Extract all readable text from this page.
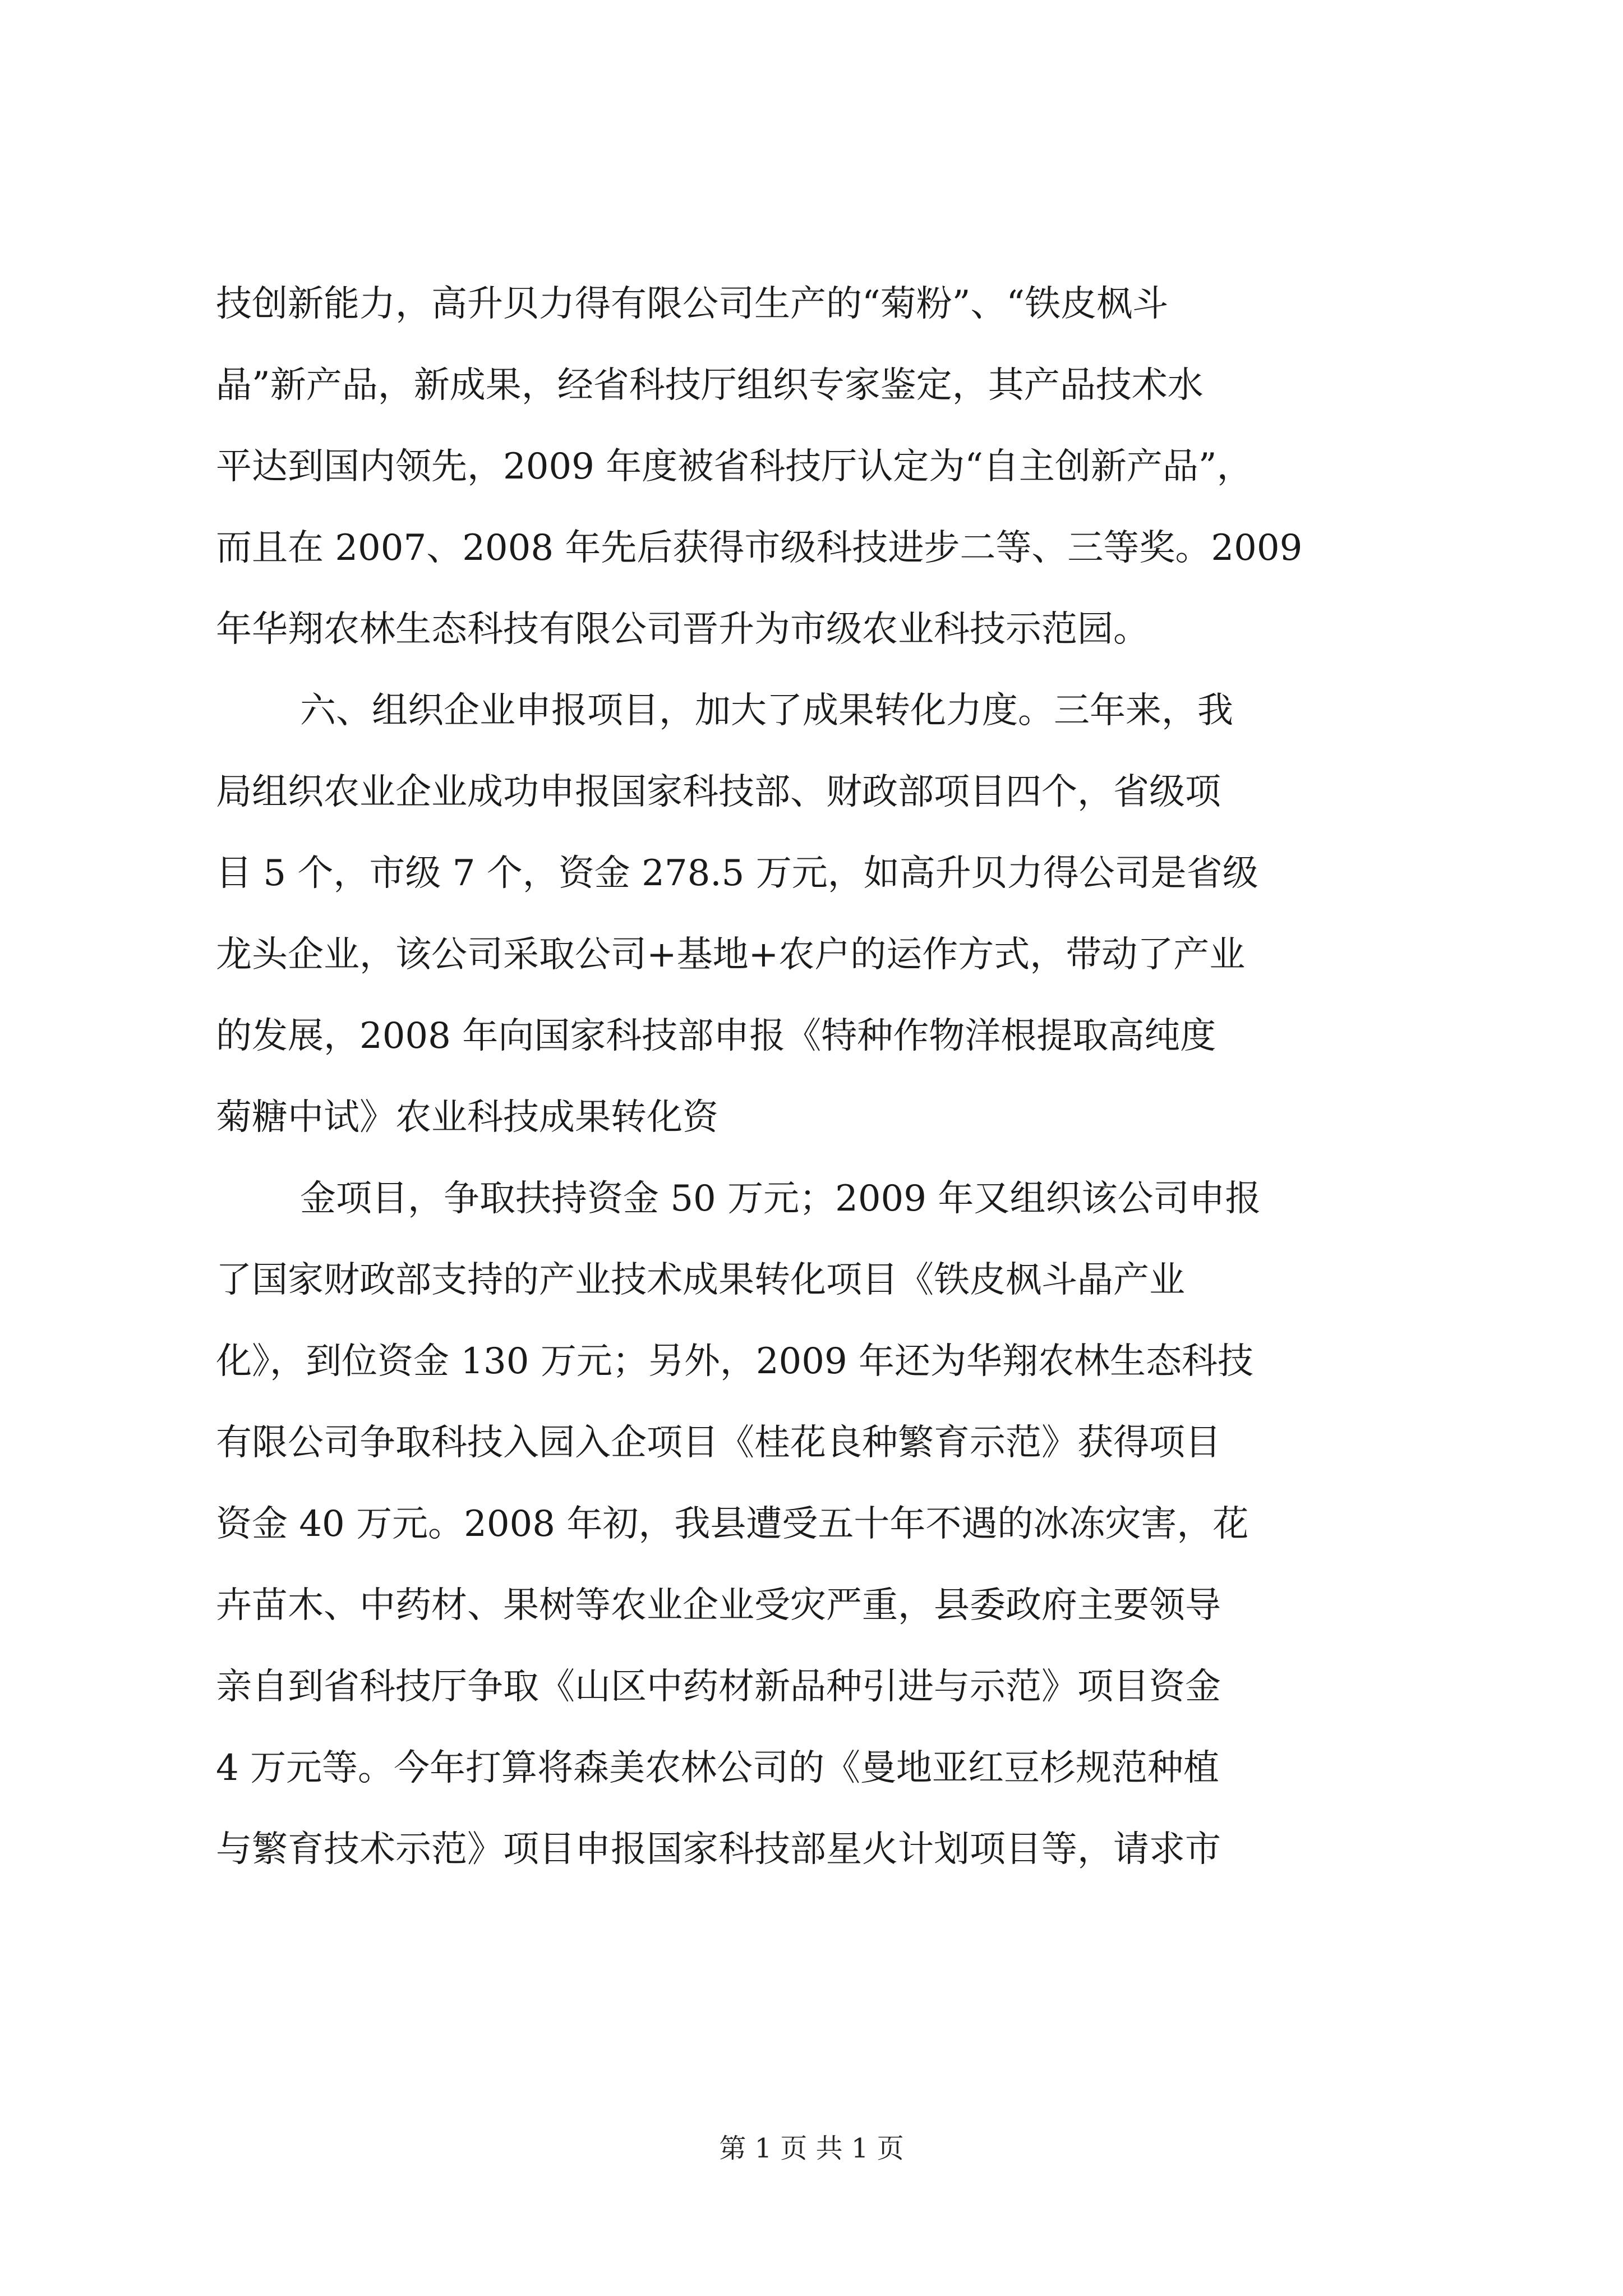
技创新能力，高升贝力得有限公司生产的“菊粉”、“铁皮枫斗
晶”新产品，新成果，经省科技厅组织专家鉴定，其产品技术水
平达到国内领先，2009 年度被省科技厅认定为“自主创新产品”，
而且在 2007、2008 年先后获得市级科技进步二等、三等奖。2009
年华翔农林生态科技有限公司晋升为市级农业科技示范园。
六、组织企业申报项目，加大了成果转化力度。三年来，我
局组织农业企业成功申报国家科技部、财政部项目四个，省级项
目 5 个，市级 7 个，资金 278.5 万元，如高升贝力得公司是省级
龙头企业，该公司采取公司+基地+农户的运作方式，带动了产业
的发展，2008 年向国家科技部申报《特种作物洋根提取高纯度
菊糖中试》农业科技成果转化资
金项目，争取扶持资金 50 万元；2009 年又组织该公司申报
了国家财政部支持的产业技术成果转化项目《铁皮枫斗晶产业
化》，到位资金 130 万元；另外，2009 年还为华翔农林生态科技
有限公司争取科技入园入企项目《桂花良种繁育示范》获得项目
资金 40 万元。2008 年初，我县遭受五十年不遇的冰冻灾害，花
卉苗木、中药材、果树等农业企业受灾严重，县委政府主要领导
亲自到省科技厅争取《山区中药材新品种引进与示范》项目资金
4 万元等。今年打算将森美农林公司的《曼地亚红豆杉规范种植
与繁育技术示范》项目申报国家科技部星火计划项目等，请求市
第 1 页 共 1 页
